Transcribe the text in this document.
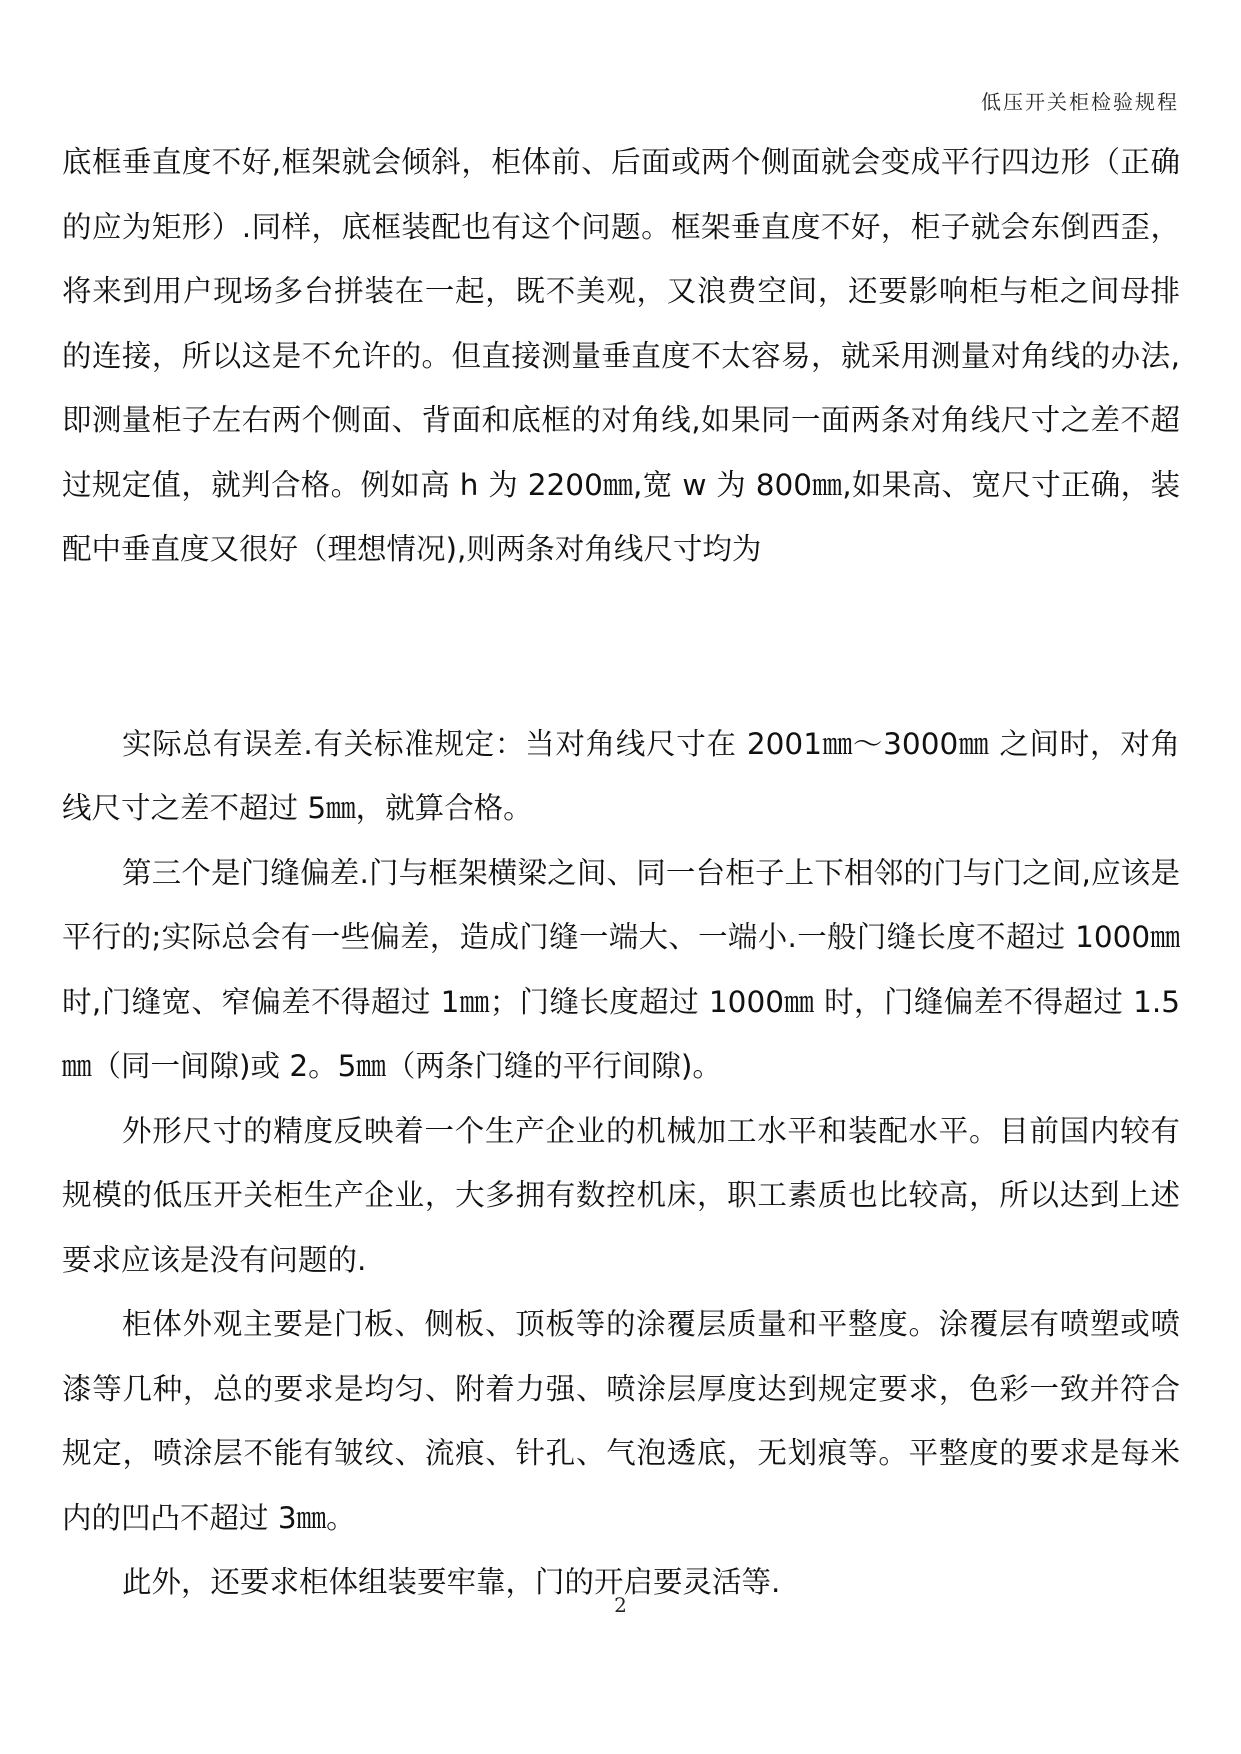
低压开关柜检验规程

底框垂直度不好,框架就会倾斜，柜体前、后面或两个侧面就会变成平行四边形（正确的应为矩形）.同样，底框装配也有这个问题。框架垂直度不好，柜子就会东倒西歪，将来到用户现场多台拼装在一起，既不美观，又浪费空间，还要影响柜与柜之间母排的连接，所以这是不允许的。但直接测量垂直度不太容易，就采用测量对角线的办法,即测量柜子左右两个侧面、背面和底框的对角线,如果同一面两条对角线尺寸之差不超过规定值，就判合格。例如高 h 为 2200㎜,宽 w 为 800㎜,如果高、宽尺寸正确，装配中垂直度又很好（理想情况),则两条对角线尺寸均为

实际总有误差.有关标准规定：当对角线尺寸在 2001㎜～3000㎜ 之间时，对角线尺寸之差不超过 5㎜，就算合格。

第三个是门缝偏差.门与框架横梁之间、同一台柜子上下相邻的门与门之间,应该是平行的;实际总会有一些偏差，造成门缝一端大、一端小.一般门缝长度不超过 1000㎜时,门缝宽、窄偏差不得超过 1㎜；门缝长度超过 1000㎜ 时，门缝偏差不得超过 1.5㎜（同一间隙)或 2。5㎜（两条门缝的平行间隙)。

外形尺寸的精度反映着一个生产企业的机械加工水平和装配水平。目前国内较有规模的低压开关柜生产企业，大多拥有数控机床，职工素质也比较高，所以达到上述要求应该是没有问题的.

柜体外观主要是门板、侧板、顶板等的涂覆层质量和平整度。涂覆层有喷塑或喷漆等几种，总的要求是均匀、附着力强、喷涂层厚度达到规定要求，色彩一致并符合规定，喷涂层不能有皱纹、流痕、针孔、气泡透底，无划痕等。平整度的要求是每米内的凹凸不超过 3㎜。

此外，还要求柜体组装要牢靠，门的开启要灵活等.

2
